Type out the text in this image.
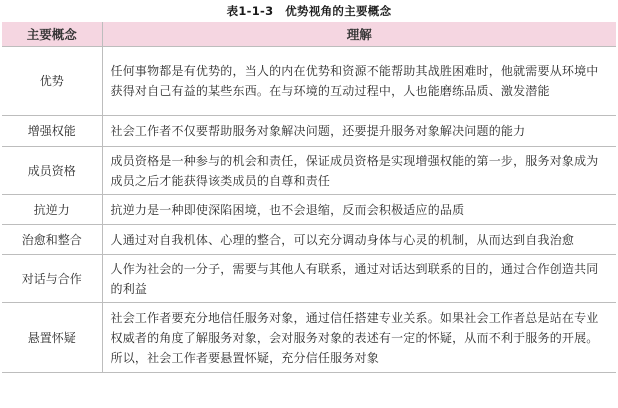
表1-1-3　优势视角的主要概念
主要概念	理解
优势	任何事物都是有优势的，当人的内在优势和资源不能帮助其战胜困难时，他就需要从环境中获得对自己有益的某些东西。在与环境的互动过程中，人也能磨练品质、激发潜能
增强权能	社会工作者不仅要帮助服务对象解决问题，还要提升服务对象解决问题的能力
成员资格	成员资格是一种参与的机会和责任，保证成员资格是实现增强权能的第一步，服务对象成为成员之后才能获得该类成员的自尊和责任
抗逆力	抗逆力是一种即使深陷困境，也不会退缩，反而会积极适应的品质
治愈和整合	人通过对自我机体、心理的整合，可以充分调动身体与心灵的机制，从而达到自我治愈
对话与合作	人作为社会的一分子，需要与其他人有联系，通过对话达到联系的目的，通过合作创造共同的利益
悬置怀疑	社会工作者要充分地信任服务对象，通过信任搭建专业关系。如果社会工作者总是站在专业权威者的角度了解服务对象，会对服务对象的表述有一定的怀疑，从而不利于服务的开展。所以，社会工作者要悬置怀疑，充分信任服务对象
